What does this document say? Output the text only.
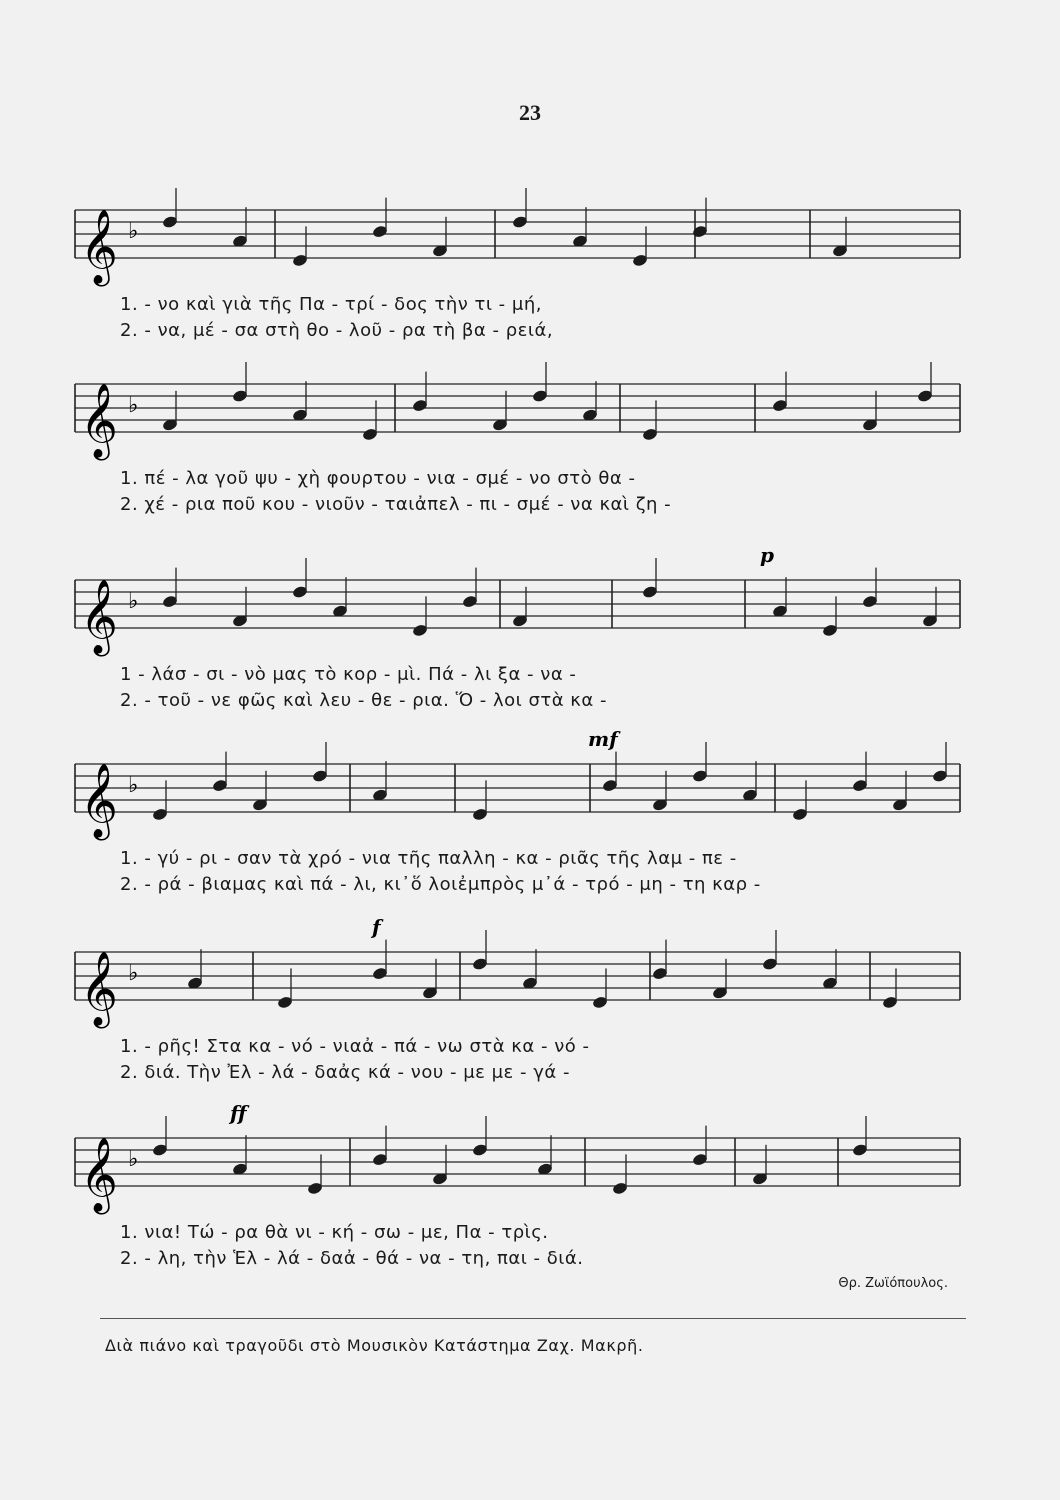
23
𝄞 ♭
1. - νο καὶ γιὰ τῆς Πα - τρί - δος τὴν τι - μή,
2. - να, μέ - σα στὴ θο - λοῦ - ρα τὴ βα - ρειά,
𝄞 ♭
1. πέ - λα γοῦ ψυ - χὴ φουρτου - νια - σμέ - νο στὸ θα -
2. χέ - ρια ποῦ κου - νιοῦν - ταιἀπελ - πι - σμέ - να καὶ ζη -
𝄞 ♭
p
1 - λάσ - σι - νὸ μας τὸ κορ - μὶ. Πά - λι ξα - να -
2. - τοῦ - νε φῶς καὶ λευ - θε - ρια. Ὅ - λοι στὰ κα -
𝄞 ♭
mf
1. - γύ - ρι - σαν τὰ χρό - νια τῆς παλλη - κα - ριᾶς τῆς λαμ - πε -
2. - ρά - βιαμας καὶ πά - λι, κι᾿ὅ λοιἐμπρὸς μ᾿ά - τρό - μη - τη καρ -
𝄞 ♭
f
1. - ρῆς! Στα κα - νό - νιαἀ - πά - νω στὰ κα - νό -
2. διά. Τὴν Ἐλ - λά - δαἀς κά - νου - με με - γά -
𝄞 ♭
ff
1. νια! Τώ - ρα θὰ νι - κή - σω - με, Πα - τρὶς.
2. - λη, τὴν Ἑλ - λά - δαἀ - θά - να - τη, παι - διά.
Θρ. Ζωϊόπουλος.
Διὰ πιάνο καὶ τραγοῦδι στὸ Μουσικὸν Κατάστημα Ζαχ. Μακρῆ.
